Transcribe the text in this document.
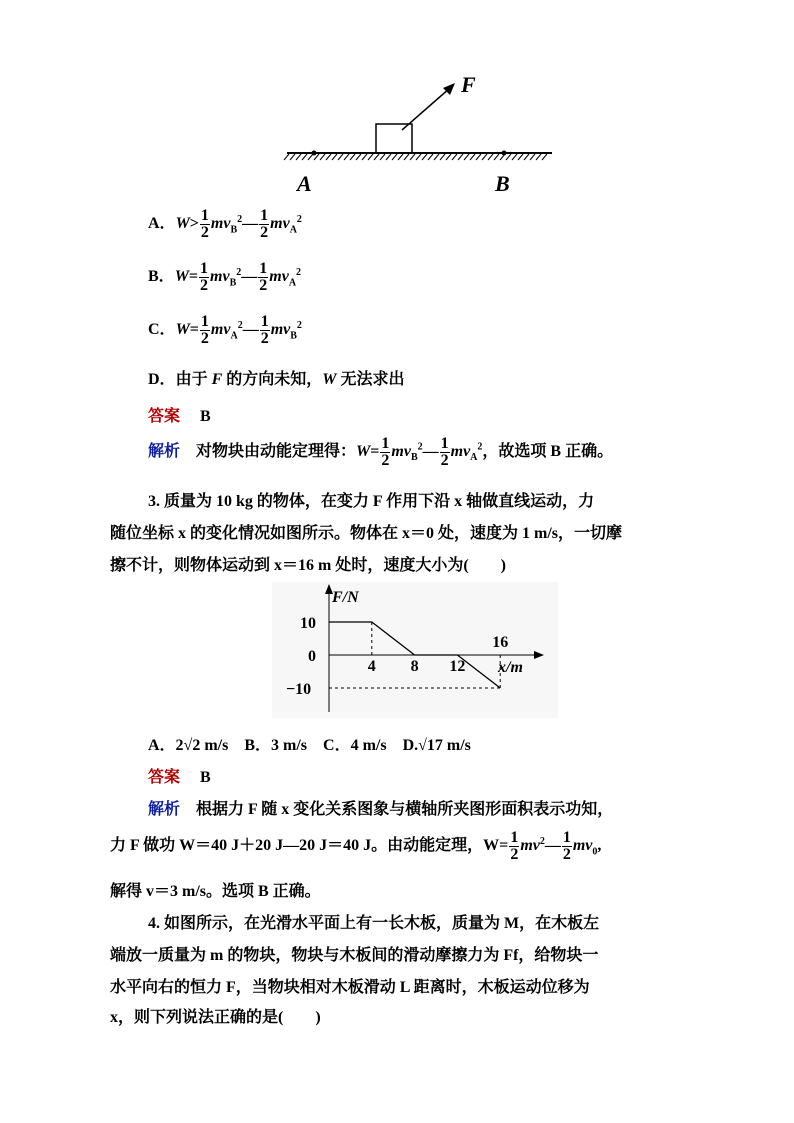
F
A	B
A．$W> \frac{1}{2}$ $mv_B^2— \frac{1}{2} mv_A^2$
B．$W= \frac{1}{2}$ $mv_B^2— \frac{1}{2} mv_A^2$
C．$W= \frac{1}{2}$ $mv_A^2— \frac{1}{2} mv_B^2$
D．由于 F 的方向未知，W 无法求出
答案　 B
解析　 对物块由动能定理得：$W= \frac{1}{2}$ $mv_B^2— \frac{1}{2} mv_A^2$，故选项 B 正确。
3. 质量为 10 kg 的物体，在变力 F 作用下沿 x 轴做直线运动，力
随位坐标 x 的变化情况如图所示。物体在 x＝0 处，速度为 1 m/s，一切摩
擦不计，则物体运动到 x＝16 m 处时，速度大小为(　　)
4 8 12
16
10
0
−10
x/m
F/N
A．2√2 m/s　B．3 m/s　C．4 m/s　D.√17 m/s
答案　 B
解析　 根据力 F 随 x 变化关系图象与横轴所夹图形面积表示功知，
力 F 做功 W＝40 J＋20 J—20 J＝40 J。由动能定理，$W= \frac{1}{2}$ $mv^2— \frac{1}{2} mv_0$,
解得 v＝3 m/s。选项 B 正确。
4. 如图所示，在光滑水平面上有一长木板，质量为 M，在木板左
端放一质量为 m 的物块，物块与木板间的滑动摩擦力为 Ff，给物块一
水平向右的恒力 F，当物块相对木板滑动 L 距离时，木板运动位移为
x，则下列说法正确的是(　　)
